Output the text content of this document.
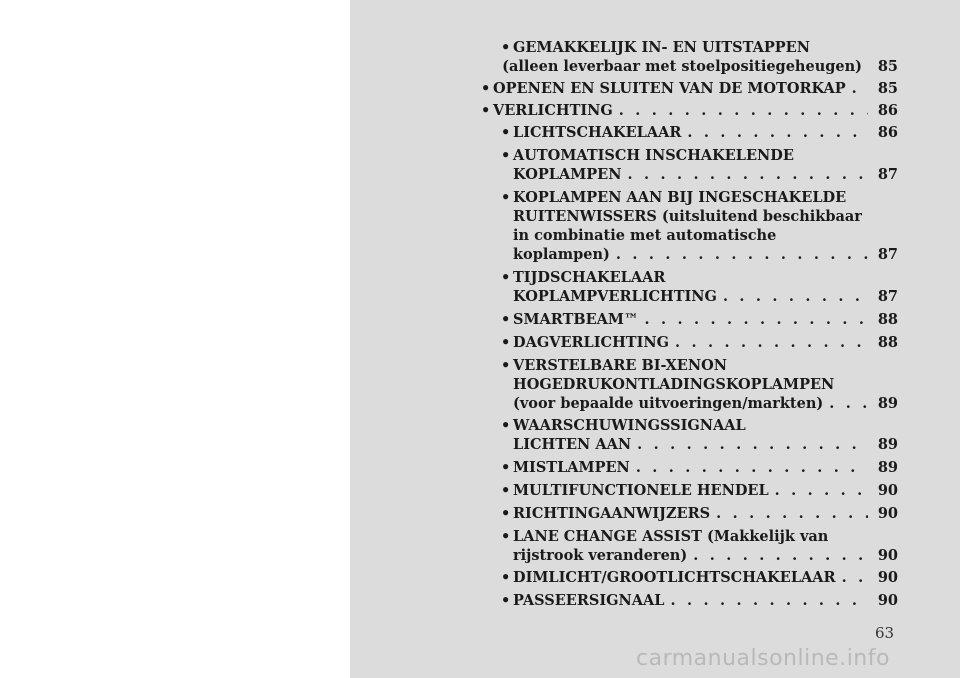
• GEMAKKELIJK IN- EN UITSTAPPEN
(alleen leverbaar met stoelpositiegeheugen) 85
• OPENEN EN SLUITEN VAN DE MOTORKAP . . . 85
• VERLICHTING . . .	86
• LICHTSCHAKELAAR . . .	86
• AUTOMATISCH INSCHAKELENDE
KOPLAMPEN . . .	87
• KOPLAMPEN AAN BIJ INGESCHAKELDE
RUITENWISSERS (uitsluitend beschikbaar
in combinatie met automatische
koplampen) . . .	87
• TIJDSCHAKELAAR
KOPLAMPVERLICHTING . . .	87
• SMARTBEAM™ . . .	88
• DAGVERLICHTING . . .	88
• VERSTELBARE BI-XENON
HOGEDRUKONTLADINGSKOPLAMPEN
(voor bepaalde uitvoeringen/markten) . . .	89
• WAARSCHUWINGSSIGNAAL
LICHTEN AAN . . .	89
• MISTLAMPEN . . .	89
• MULTIFUNCTIONELE HENDEL . . .	90
• RICHTINGAANWIJZERS . . .	90
• LANE CHANGE ASSIST (Makkelijk van
rijstrook veranderen) . . .	90
• DIMLICHT/GROOTLICHTSCHAKELAAR . . .	90
• PASSEERSIGNAAL . . .	90
63
carmanualsonline.info
